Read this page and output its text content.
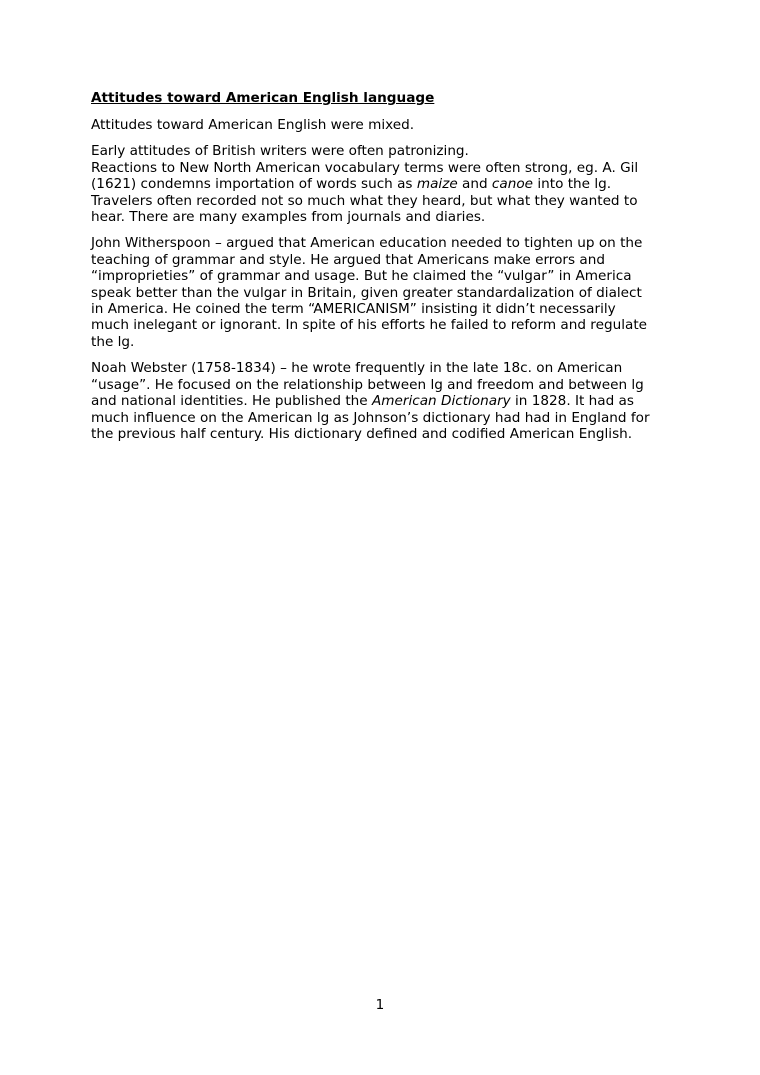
Attitudes toward American English language

Attitudes toward American English were mixed.

Early attitudes of British writers were often patronizing.
Reactions to New North American vocabulary terms were often strong, eg. A. Gil
(1621) condemns importation of words such as maize and canoe into the lg.
Travelers often recorded not so much what they heard, but what they wanted to
hear. There are many examples from journals and diaries.

John Witherspoon – argued that American education needed to tighten up on the
teaching of grammar and style. He argued that Americans make errors and
“improprieties” of grammar and usage. But he claimed the “vulgar” in America
speak better than the vulgar in Britain, given greater standardalization of dialect
in America. He coined the term “AMERICANISM” insisting it didn’t necessarily
much inelegant or ignorant. In spite of his efforts he failed to reform and regulate
the lg.

Noah Webster (1758-1834) – he wrote frequently in the late 18c. on American
“usage”. He focused on the relationship between lg and freedom and between lg
and national identities. He published the American Dictionary in 1828. It had as
much influence on the American lg as Johnson’s dictionary had had in England for
the previous half century. His dictionary defined and codified American English.

1
